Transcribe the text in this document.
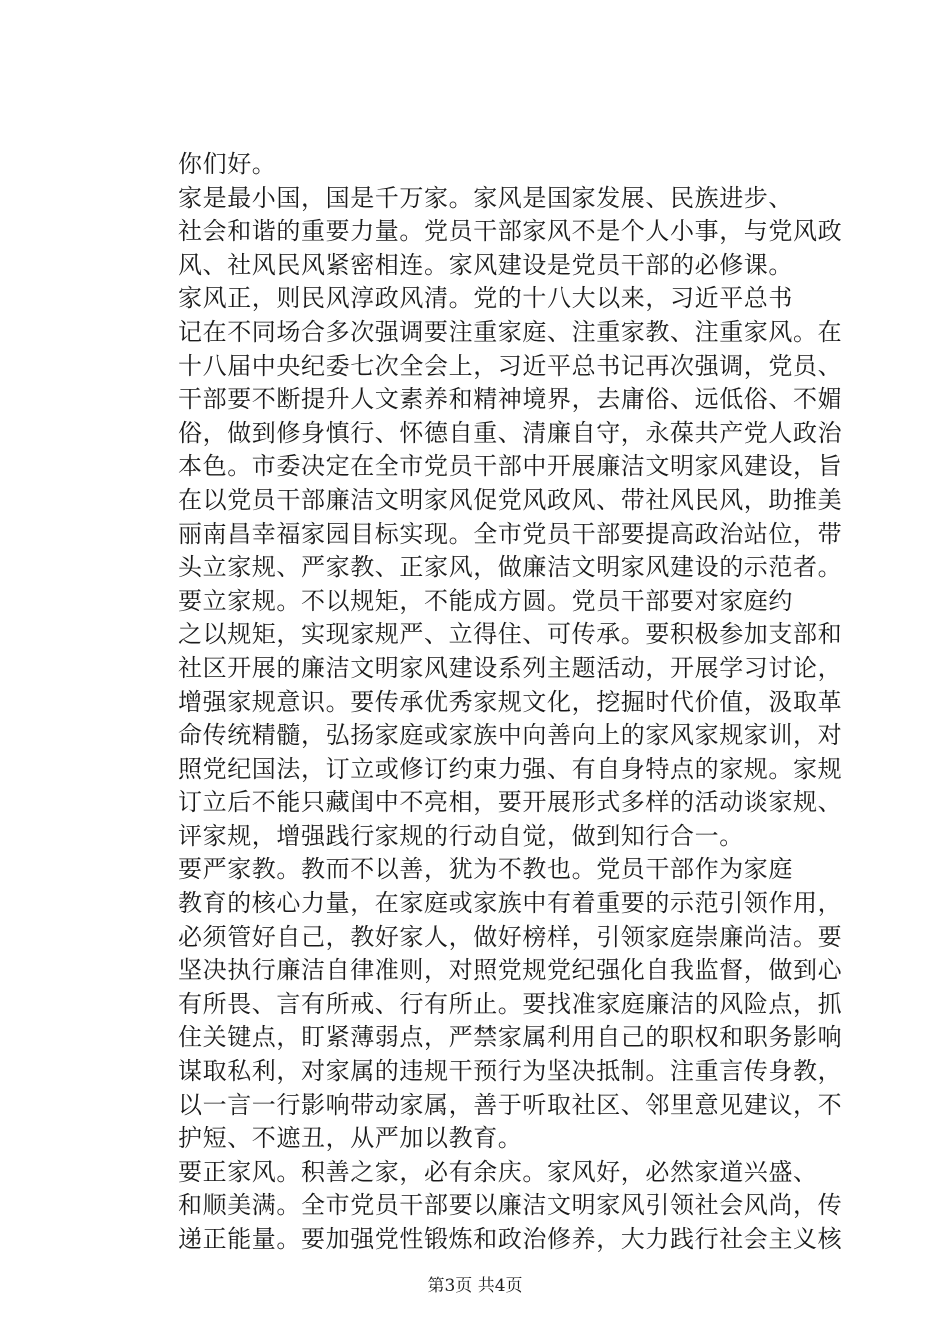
你们好。
家是最小国，国是千万家。家风是国家发展、民族进步、
社会和谐的重要力量。党员干部家风不是个人小事，与党风政
风、社风民风紧密相连。家风建设是党员干部的必修课。
家风正，则民风淳政风清。党的十八大以来，习近平总书
记在不同场合多次强调要注重家庭、注重家教、注重家风。在
十八届中央纪委七次全会上，习近平总书记再次强调，党员、
干部要不断提升人文素养和精神境界，去庸俗、远低俗、不媚
俗，做到修身慎行、怀德自重、清廉自守，永葆共产党人政治
本色。市委决定在全市党员干部中开展廉洁文明家风建设，旨
在以党员干部廉洁文明家风促党风政风、带社风民风，助推美
丽南昌幸福家园目标实现。全市党员干部要提高政治站位，带
头立家规、严家教、正家风，做廉洁文明家风建设的示范者。
要立家规。不以规矩，不能成方圆。党员干部要对家庭约
之以规矩，实现家规严、立得住、可传承。要积极参加支部和
社区开展的廉洁文明家风建设系列主题活动，开展学习讨论，
增强家规意识。要传承优秀家规文化，挖掘时代价值，汲取革
命传统精髓，弘扬家庭或家族中向善向上的家风家规家训，对
照党纪国法，订立或修订约束力强、有自身特点的家规。家规
订立后不能只藏闺中不亮相，要开展形式多样的活动谈家规、
评家规，增强践行家规的行动自觉，做到知行合一。
要严家教。教而不以善，犹为不教也。党员干部作为家庭
教育的核心力量，在家庭或家族中有着重要的示范引领作用，
必须管好自己，教好家人，做好榜样，引领家庭崇廉尚洁。要
坚决执行廉洁自律准则，对照党规党纪强化自我监督，做到心
有所畏、言有所戒、行有所止。要找准家庭廉洁的风险点，抓
住关键点，盯紧薄弱点，严禁家属利用自己的职权和职务影响
谋取私利，对家属的违规干预行为坚决抵制。注重言传身教，
以一言一行影响带动家属，善于听取社区、邻里意见建议，不
护短、不遮丑，从严加以教育。
要正家风。积善之家，必有余庆。家风好，必然家道兴盛、
和顺美满。全市党员干部要以廉洁文明家风引领社会风尚，传
递正能量。要加强党性锻炼和政治修养，大力践行社会主义核
第3页 共4页
